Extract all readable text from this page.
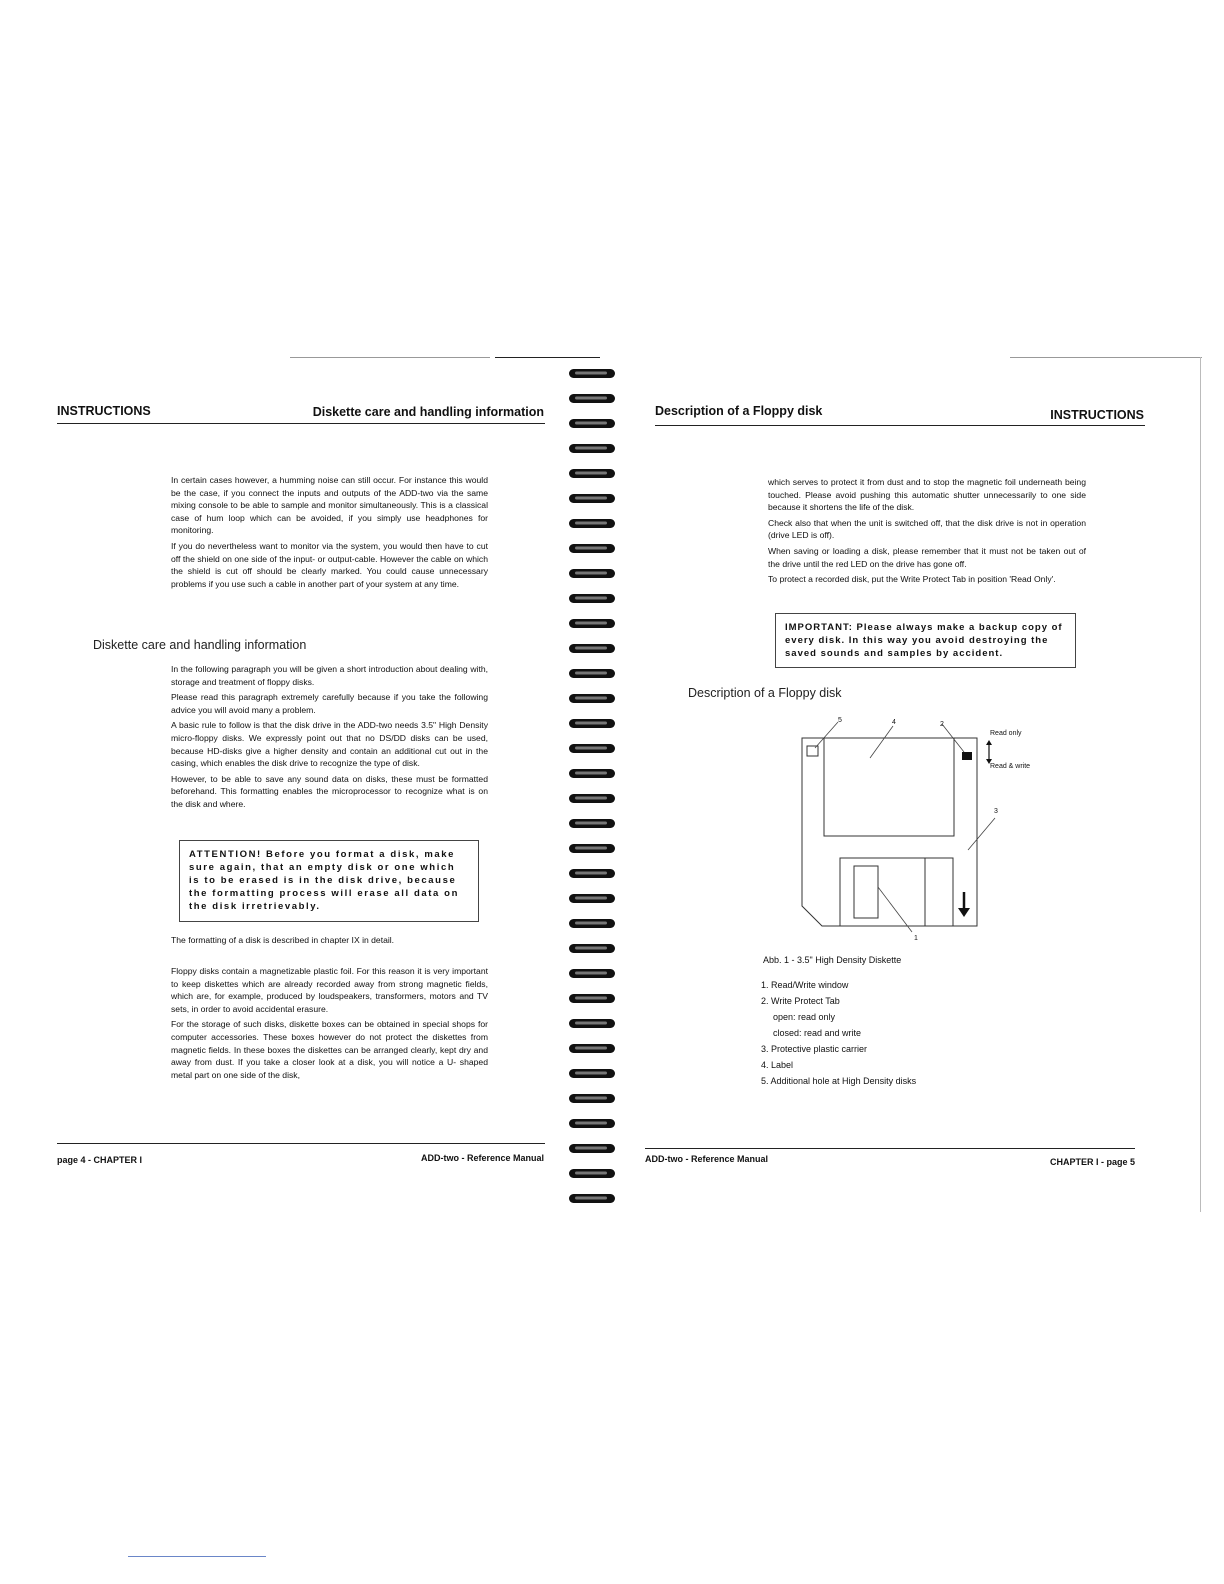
INSTRUCTIONS	Diskette care and handling information

In certain cases however, a humming noise can still occur. For instance this would be the case, if you connect the inputs and outputs of the ADD-two via the same mixing console to be able to sample and monitor simultaneously. This is a classical case of hum loop which can be avoided, if you simply use headphones for monitoring.

If you do nevertheless want to monitor via the system, you would then have to cut off the shield on one side of the input- or output-cable. However the cable on which the shield is cut off should be clearly marked. You could cause unnecessary problems if you use such a cable in another part of your system at any time.

Diskette care and handling information

In the following paragraph you will be given a short introduction about dealing with, storage and treatment of floppy disks.

Please read this paragraph extremely carefully because if you take the following advice you will avoid many a problem.

A basic rule to follow is that the disk drive in the ADD-two needs 3.5" High Density micro-floppy disks. We expressly point out that no DS/DD disks can be used, because HD-disks give a higher density and contain an additional cut out in the casing, which enables the disk drive to recognize the type of disk.

However, to be able to save any sound data on disks, these must be formatted beforehand. This formatting enables the microprocessor to recognize what is on the disk and where.

ATTENTION! Before you format a disk, make sure again, that an empty disk or one which is to be erased is in the disk drive, because the formatting process will erase all data on the disk irretrievably.
The formatting of a disk is described in chapter IX in detail.

Floppy disks contain a magnetizable plastic foil. For this reason it is very important to keep diskettes which are already recorded away from strong magnetic fields, which are, for example, produced by loudspeakers, transformers, motors and TV sets, in order to avoid accidental erasure.

For the storage of such disks, diskette boxes can be obtained in special shops for computer accessories. These boxes however do not protect the diskettes from magnetic fields. In these boxes the diskettes can be arranged clearly, kept dry and away from dust. If you take a closer look at a disk, you will notice a U- shaped metal part on one side of the disk,

page 4 - CHAPTER I	ADD-two - Reference Manual
Description of a Floppy disk	INSTRUCTIONS

which serves to protect it from dust and to stop the magnetic foil underneath being touched. Please avoid pushing this automatic shutter unnecessarily to one side because it shortens the life of the disk.

Check also that when the unit is switched off, that the disk drive is not in operation (drive LED is off).

When saving or loading a disk, please remember that it must not be taken out of the drive until the red LED on the drive has gone off.

To protect a recorded disk, put the Write Protect Tab in position 'Read Only'.

IMPORTANT: Please always make a backup copy of every disk. In this way you avoid destroying the saved sounds and samples by accident.
Description of a Floppy disk
5	4	2
3
1
Read only
Read & write
Abb. 1 - 3.5" High Density Diskette
1. Read/Write window
2. Write Protect Tab
open: read only
closed: read and write
3. Protective plastic carrier
4. Label
5. Additional hole at High Density disks
ADD-two - Reference Manual	CHAPTER I - page 5
